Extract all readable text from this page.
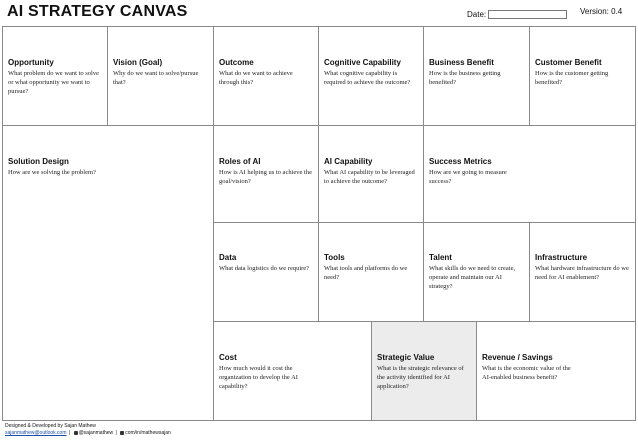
AI STRATEGY CANVAS	Date:	Version: 0.4
Opportunity

What problem do we want to solve or what opportunity we want to pursue?

Vision (Goal)

Why do we want to solve/pursue that?

Outcome

What do we want to achieve through this?

Cognitive Capability

What cognitive capability is required to achieve the outcome?

Business Benefit

How is the business getting benefited?

Customer Benefit

How is the customer getting benefited?

Solution Design

How are we solving the problem?

Roles of AI

How is AI helping us to achieve the goal/vision?

AI Capability

What AI capability to be leveraged to achieve the outcome?

Success Metrics

How are we going to measure success?

Data

What data logistics do we require?

Tools

What tools and platforms do we need?

Talent

What skills do we need to create, operate and maintain our AI strategy?

Infrastructure

What hardware infrastructure do we need for AI enablement?

Cost

How much would it cost the organization to develop the AI capability?

Strategic Value

What is the strategic relevance of the activity identified for AI application?

Revenue / Savings

What is the economic value of the AI-enabled business benefit?

Designed & Developed by Sajan Mathew
sajanmathew@outlook.com | @sajanmathew | com/in/mathewsajan
